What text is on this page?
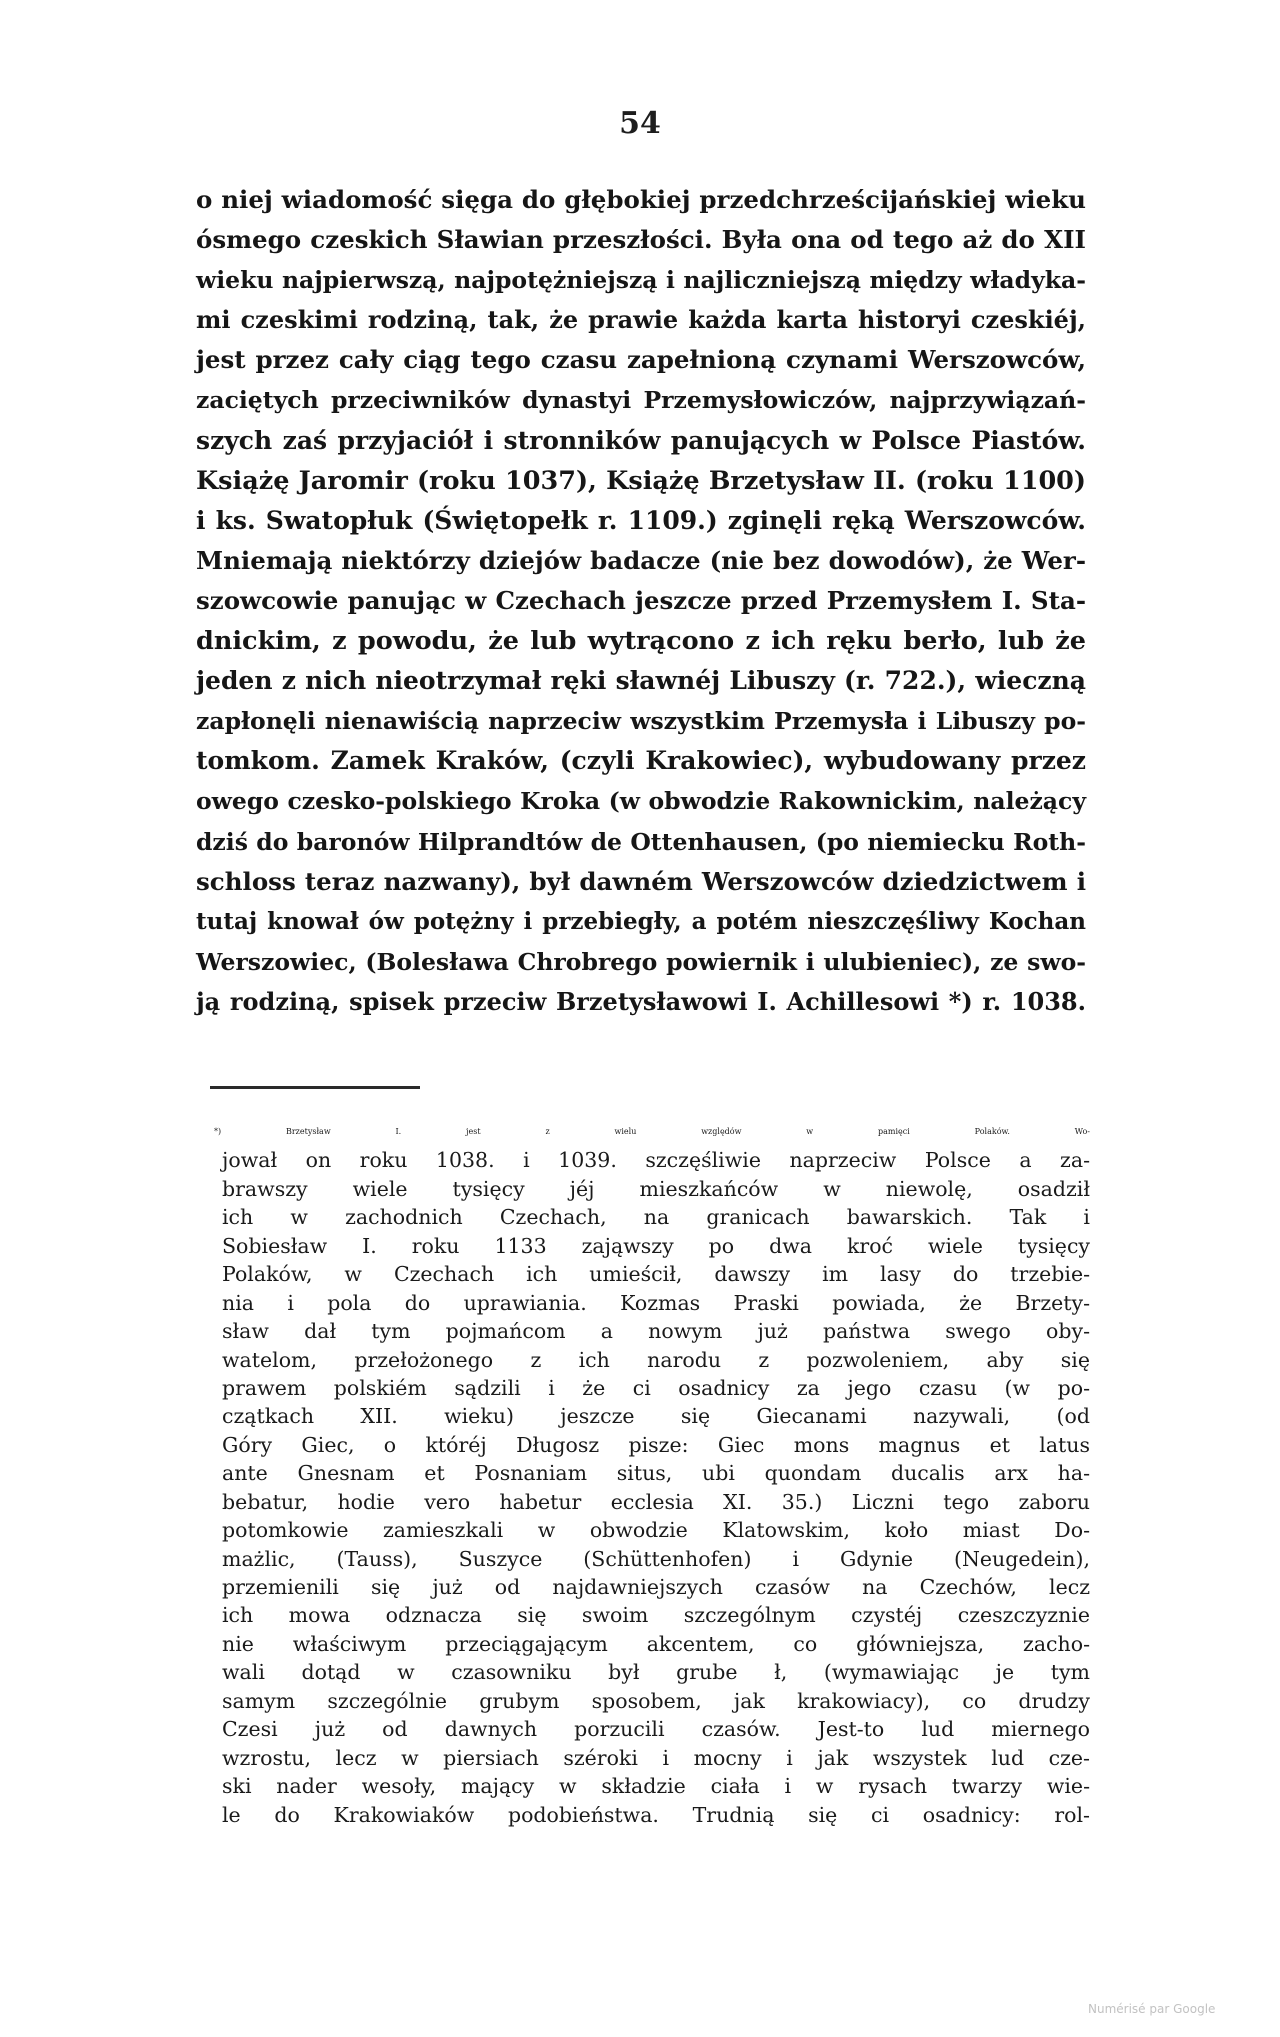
54
o niej wiadomość sięga do głębokiej przedchrześcijańskiej wieku
ósmego czeskich Sławian przeszłości. Była ona od tego aż do XII
wieku najpierwszą, najpotężniejszą i najliczniejszą między władyka-
mi czeskimi rodziną, tak, że prawie każda karta historyi czeskiéj,
jest przez cały ciąg tego czasu zapełnioną czynami Werszowców,
zaciętych przeciwników dynastyi Przemysłowiczów, najprzywiązań-
szych zaś przyjaciół i stronników panujących w Polsce Piastów.
Książę Jaromir (roku 1037), Książę Brzetysław II. (roku 1100)
i ks. Swatopłuk (Świętopełk r. 1109.) zginęli ręką Werszowców.
Mniemają niektórzy dziejów badacze (nie bez dowodów), że Wer-
szowcowie panując w Czechach jeszcze przed Przemysłem I. Sta-
dnickim, z powodu, że lub wytrącono z ich ręku berło, lub że
jeden z nich nieotrzymał ręki sławnéj Libuszy (r. 722.), wieczną
zapłonęli nienawiścią naprzeciw wszystkim Przemysła i Libuszy po-
tomkom. Zamek Kraków, (czyli Krakowiec), wybudowany przez
owego czesko-polskiego Kroka (w obwodzie Rakownickim, należący
dziś do baronów Hilprandtów de Ottenhausen, (po niemiecku Roth-
schloss teraz nazwany), był dawném Werszowców dziedzictwem i
tutaj knował ów potężny i przebiegły, a potém nieszczęśliwy Kochan
Werszowiec, (Bolesława Chrobrego powiernik i ulubieniec), ze swo-
ją rodziną, spisek przeciw Brzetysławowi I. Achillesowi *) r. 1038.
*) Brzetysław I. jest z wielu względów w pamięci Polaków. Wo-
jował on roku 1038. i 1039. szczęśliwie naprzeciw Polsce a za-
brawszy wiele tysięcy jéj mieszkańców w niewolę, osadził
ich w zachodnich Czechach, na granicach bawarskich. Tak i
Sobiesław I. roku 1133 zająwszy po dwa kroć wiele tysięcy
Polaków, w Czechach ich umieścił, dawszy im lasy do trzebie-
nia i pola do uprawiania. Kozmas Praski powiada, że Brzety-
sław dał tym pojmańcom a nowym już państwa swego oby-
watelom, przełożonego z ich narodu z pozwoleniem, aby się
prawem polskiém sądzili i że ci osadnicy za jego czasu (w po-
czątkach XII. wieku) jeszcze się Giecanami nazywali, (od
Góry Giec, o któréj Długosz pisze: Giec mons magnus et latus
ante Gnesnam et Posnaniam situs, ubi quondam ducalis arx ha-
bebatur, hodie vero habetur ecclesia XI. 35.) Liczni tego zaboru
potomkowie zamieszkali w obwodzie Klatowskim, koło miast Do-
mażlic, (Tauss), Suszyce (Schüttenhofen) i Gdynie (Neugedein),
przemienili się już od najdawniejszych czasów na Czechów, lecz
ich mowa odznacza się swoim szczególnym czystéj czeszczyznie
nie właściwym przeciągającym akcentem, co główniejsza, zacho-
wali dotąd w czasowniku był grube ł, (wymawiając je tym
samym szczególnie grubym sposobem, jak krakowiacy), co drudzy
Czesi już od dawnych porzucili czasów. Jest-to lud miernego
wzrostu, lecz w piersiach széroki i mocny i jak wszystek lud cze-
ski nader wesoły, mający w składzie ciała i w rysach twarzy wie-
le do Krakowiaków podobieństwa. Trudnią się ci osadnicy: rol-
Numérisé par Google
